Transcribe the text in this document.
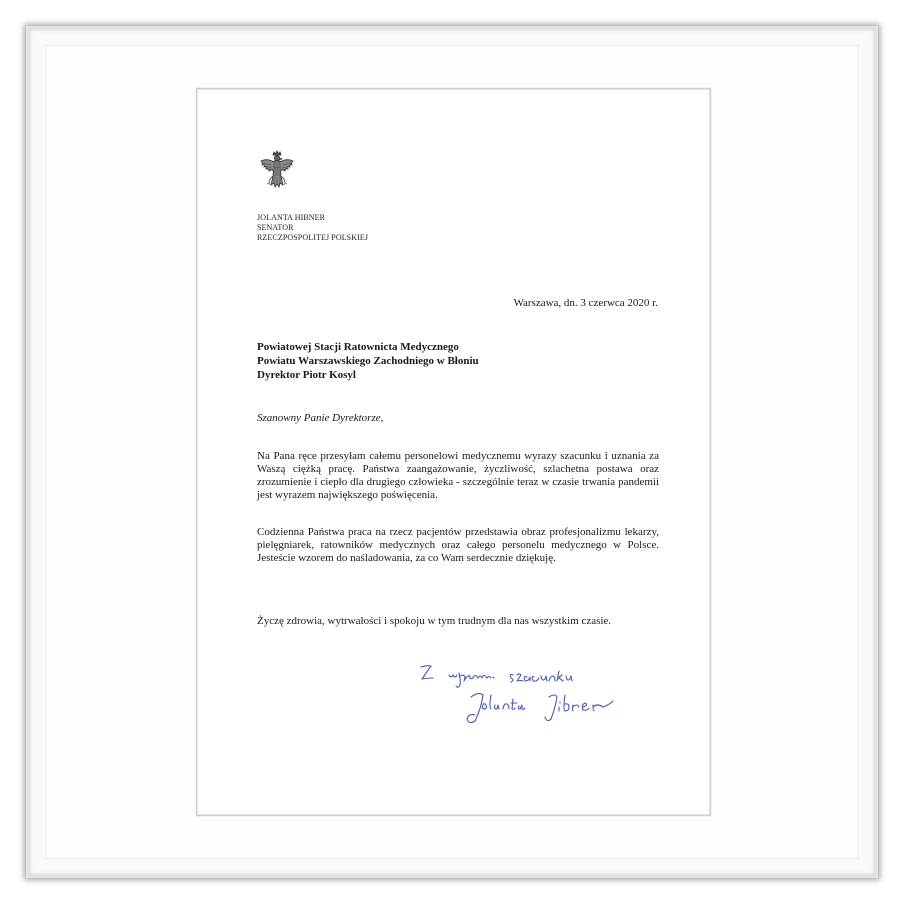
JOLANTA HIBNER
SENATOR
RZECZPOSPOLITEJ POLSKIEJ
Warszawa, dn. 3 czerwca 2020 r.
Powiatowej Stacji Ratownicta Medycznego
Powiatu Warszawskiego Zachodniego w Błoniu
Dyrektor Piotr Kosyl
Szanowny Panie Dyrektorze,
Na Pana ręce przesyłam całemu personelowi medycznemu wyrazy szacunku i uznania za Waszą ciężką pracę. Państwa zaangażowanie, życzliwość, szlachetna postawa oraz zrozumienie i ciepło dla drugiego człowieka - szczególnie teraz w czasie trwania pandemii jest wyrazem największego poświęcenia.
Codzienna Państwa praca na rzecz pacjentów przedstawia obraz profesjonalizmu lekarzy, pielęgniarek, ratowników medycznych oraz całego personelu medycznego w Polsce. Jesteście wzorem do naśladowania, za co Wam serdecznie dziękuję.
Życzę zdrowia, wytrwałości i spokoju w tym trudnym dla nas wszystkim czasie.
